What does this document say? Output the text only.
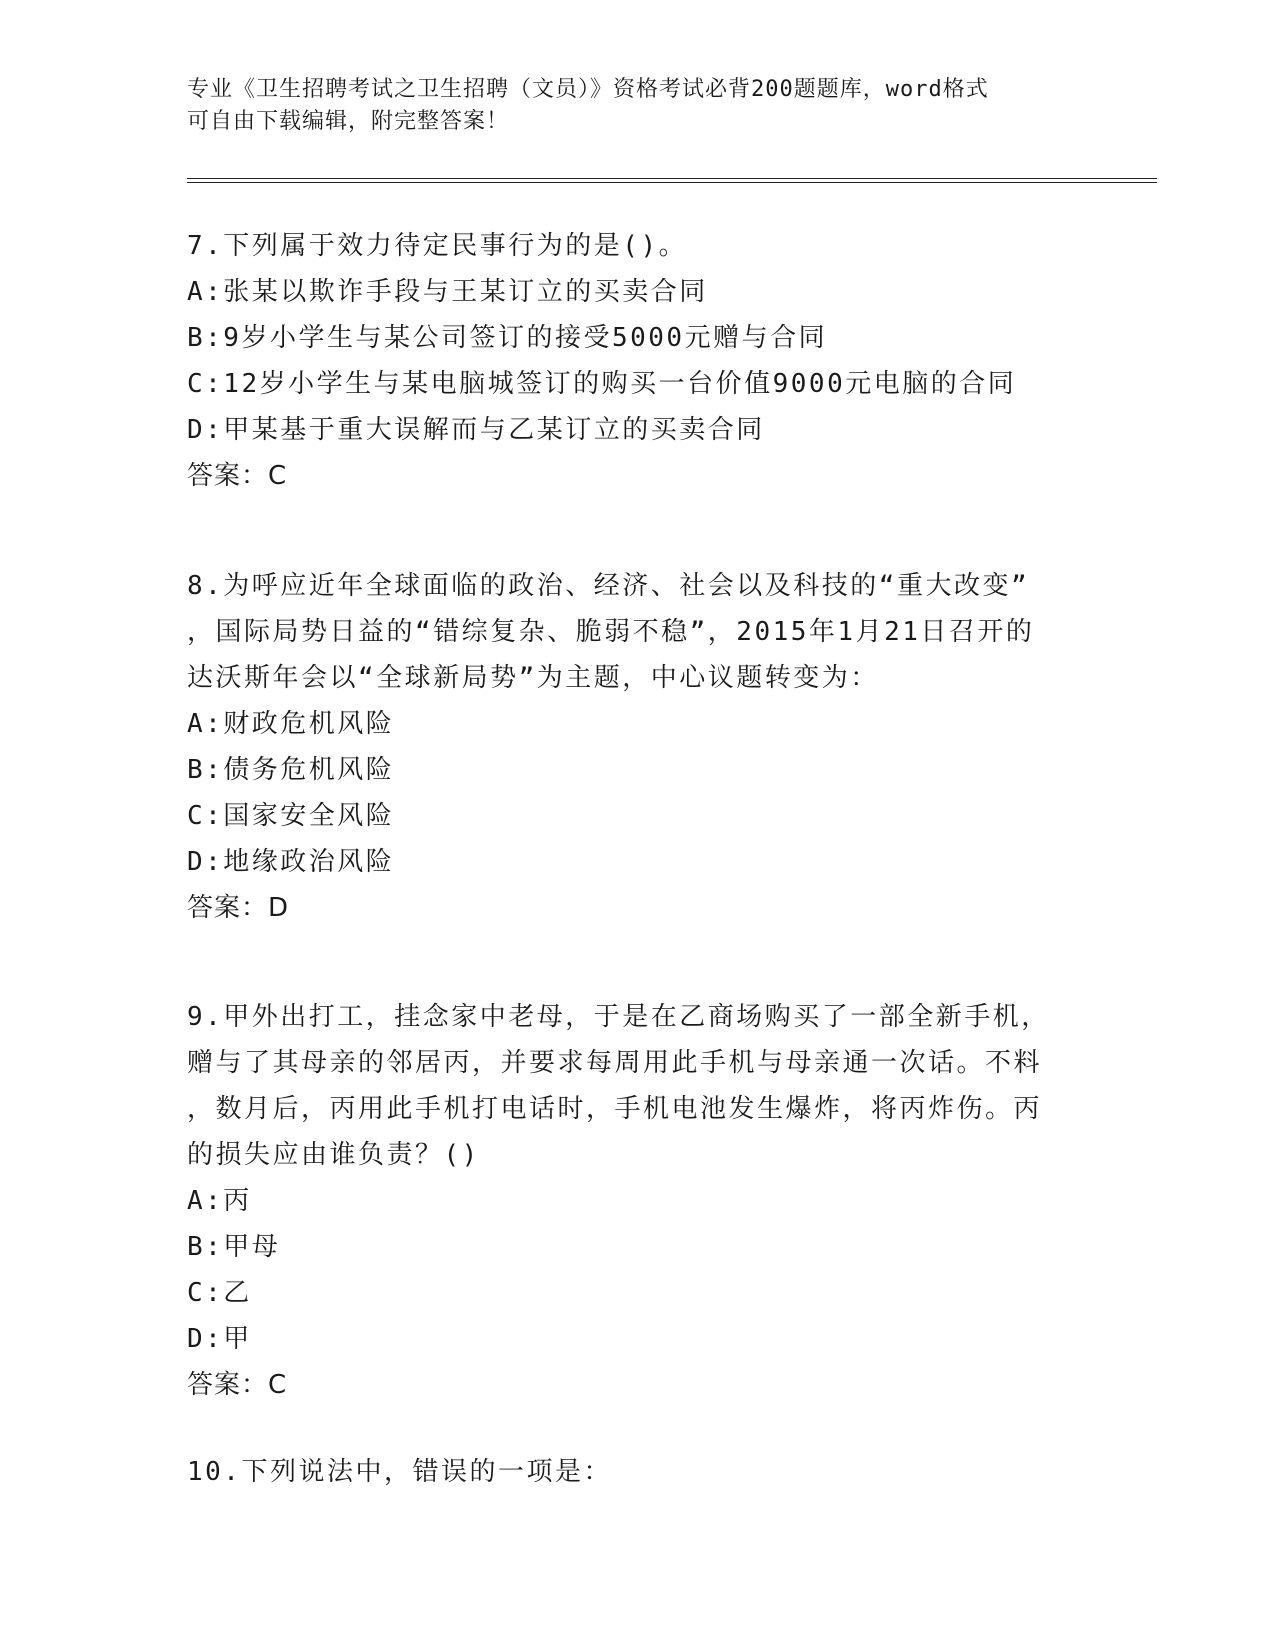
专业《卫生招聘考试之卫生招聘（文员）》资格考试必背200题题库，word格式
可自由下载编辑，附完整答案！
7.下列属于效力待定民事行为的是()。
A:张某以欺诈手段与王某订立的买卖合同
B:9岁小学生与某公司签订的接受5000元赠与合同
C:12岁小学生与某电脑城签订的购买一台价值9000元电脑的合同
D:甲某基于重大误解而与乙某订立的买卖合同
答案：C
8.为呼应近年全球面临的政治、经济、社会以及科技的“重大改变”
，国际局势日益的“错综复杂、脆弱不稳”，2015年1月21日召开的
达沃斯年会以“全球新局势”为主题，中心议题转变为：
A:财政危机风险
B:债务危机风险
C:国家安全风险
D:地缘政治风险
答案：D
9.甲外出打工，挂念家中老母，于是在乙商场购买了一部全新手机，
赠与了其母亲的邻居丙，并要求每周用此手机与母亲通一次话。不料
，数月后，丙用此手机打电话时，手机电池发生爆炸，将丙炸伤。丙
的损失应由谁负责？()
A:丙
B:甲母
C:乙
D:甲
答案：C
10.下列说法中，错误的一项是：
